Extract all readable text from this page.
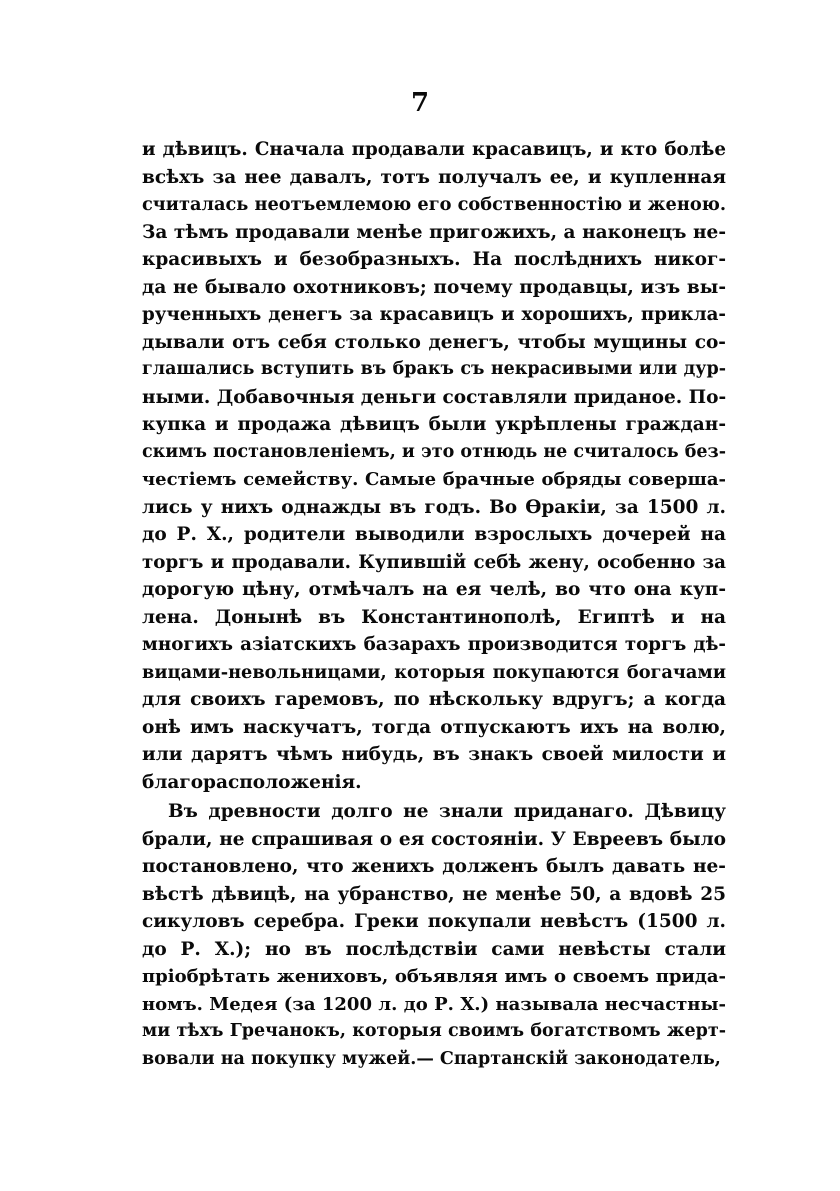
7
и дѣвицъ. Сначала продавали красавицъ, и кто болѣе
всѣхъ за нее давалъ, тотъ получалъ ее, и купленная
считалась неотъемлемою его собственностію и женою.
За тѣмъ продавали менѣе пригожихъ, а наконецъ не-
красивыхъ и безобразныхъ. На послѣднихъ никог-
да не бывало охотниковъ; почему продавцы, изъ вы-
рученныхъ денегъ за красавицъ и хорошихъ, прикла-
дывали отъ себя столько денегъ, чтобы мущины со-
глашались вступить въ бракъ съ некрасивыми или дур-
ными. Добавочныя деньги составляли приданое. По-
купка и продажа дѣвицъ были укрѣплены граждан-
скимъ постановленіемъ, и это отнюдь не считалось без-
честіемъ семейству. Самые брачные обряды соверша-
лись у нихъ однажды въ годъ. Во Ѳракіи, за 1500 л.
до Р. Х., родители выводили взрослыхъ дочерей на
торгъ и продавали. Купившій себѣ жену, особенно за
дорогую цѣну, отмѣчалъ на ея челѣ, во что она куп-
лена. Донынѣ въ Константинополѣ, Египтѣ и на
многихъ азіатскихъ базарахъ производится торгъ дѣ-
вицами-невольницами, которыя покупаются богачами
для своихъ гаремовъ, по нѣскольку вдругъ; а когда
онѣ имъ наскучатъ, тогда отпускаютъ ихъ на волю,
или дарятъ чѣмъ нибудь, въ знакъ своей милости и
благорасположенія.
Въ древности долго не знали приданаго. Дѣвицу
брали, не спрашивая о ея состояніи. У Евреевъ было
постановлено, что женихъ долженъ былъ давать не-
вѣстѣ дѣвицѣ, на убранство, не менѣе 50, а вдовѣ 25
сикуловъ серебра. Греки покупали невѣстъ (1500 л.
до Р. Х.); но въ послѣдствіи сами невѣсты стали
пріобрѣтать жениховъ, объявляя имъ о своемъ прида-
номъ. Медея (за 1200 л. до Р. Х.) называла несчастны-
ми тѣхъ Гречанокъ, которыя своимъ богатствомъ жерт-
вовали на покупку мужей.— Спартанскій законодатель,
